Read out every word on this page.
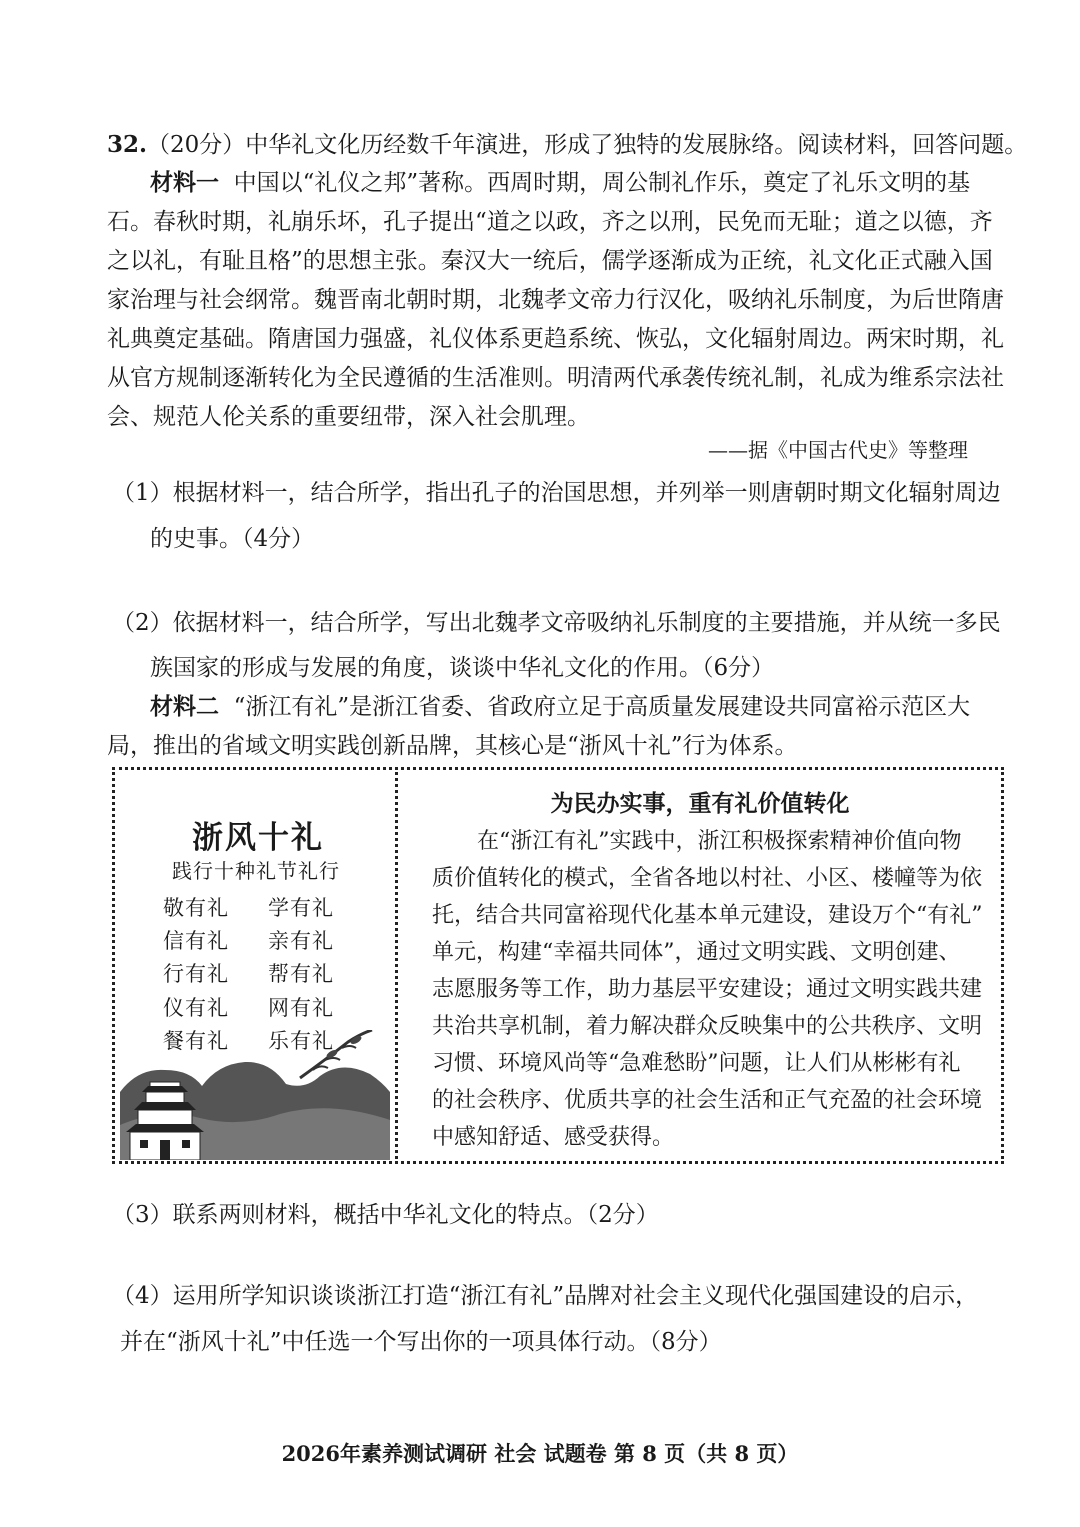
32.（20分）中华礼文化历经数千年演进，形成了独特的发展脉络。阅读材料，回答问题。
材料一 中国以“礼仪之邦”著称。西周时期，周公制礼作乐，奠定了礼乐文明的基
石。春秋时期，礼崩乐坏，孔子提出“道之以政，齐之以刑，民免而无耻；道之以德，齐
之以礼，有耻且格”的思想主张。秦汉大一统后，儒学逐渐成为正统，礼文化正式融入国
家治理与社会纲常。魏晋南北朝时期，北魏孝文帝力行汉化，吸纳礼乐制度，为后世隋唐
礼典奠定基础。隋唐国力强盛，礼仪体系更趋系统、恢弘，文化辐射周边。两宋时期，礼
从官方规制逐渐转化为全民遵循的生活准则。明清两代承袭传统礼制，礼成为维系宗法社
会、规范人伦关系的重要纽带，深入社会肌理。
——据《中国古代史》等整理
（1）根据材料一，结合所学，指出孔子的治国思想，并列举一则唐朝时期文化辐射周边
的史事。（4分）
（2）依据材料一，结合所学，写出北魏孝文帝吸纳礼乐制度的主要措施，并从统一多民
族国家的形成与发展的角度，谈谈中华礼文化的作用。（6分）
材料二 “浙江有礼”是浙江省委、省政府立足于高质量发展建设共同富裕示范区大
局，推出的省域文明实践创新品牌，其核心是“浙风十礼”行为体系。
浙风十礼
践行十种礼节礼行
敬有礼 学有礼
信有礼 亲有礼
行有礼 帮有礼
仪有礼 网有礼
餐有礼 乐有礼
为民办实事，重有礼价值转化
在“浙江有礼”实践中，浙江积极探索精神价值向物
质价值转化的模式，全省各地以村社、小区、楼幢等为依
托，结合共同富裕现代化基本单元建设，建设万个“有礼”
单元，构建“幸福共同体”，通过文明实践、文明创建、
志愿服务等工作，助力基层平安建设；通过文明实践共建
共治共享机制，着力解决群众反映集中的公共秩序、文明
习惯、环境风尚等“急难愁盼”问题，让人们从彬彬有礼
的社会秩序、优质共享的社会生活和正气充盈的社会环境
中感知舒适、感受获得。
（3）联系两则材料，概括中华礼文化的特点。（2分）
（4）运用所学知识谈谈浙江打造“浙江有礼”品牌对社会主义现代化强国建设的启示，
并在“浙风十礼”中任选一个写出你的一项具体行动。（8分）
2026年素养测试调研 社会 试题卷 第 8 页（共 8 页）
